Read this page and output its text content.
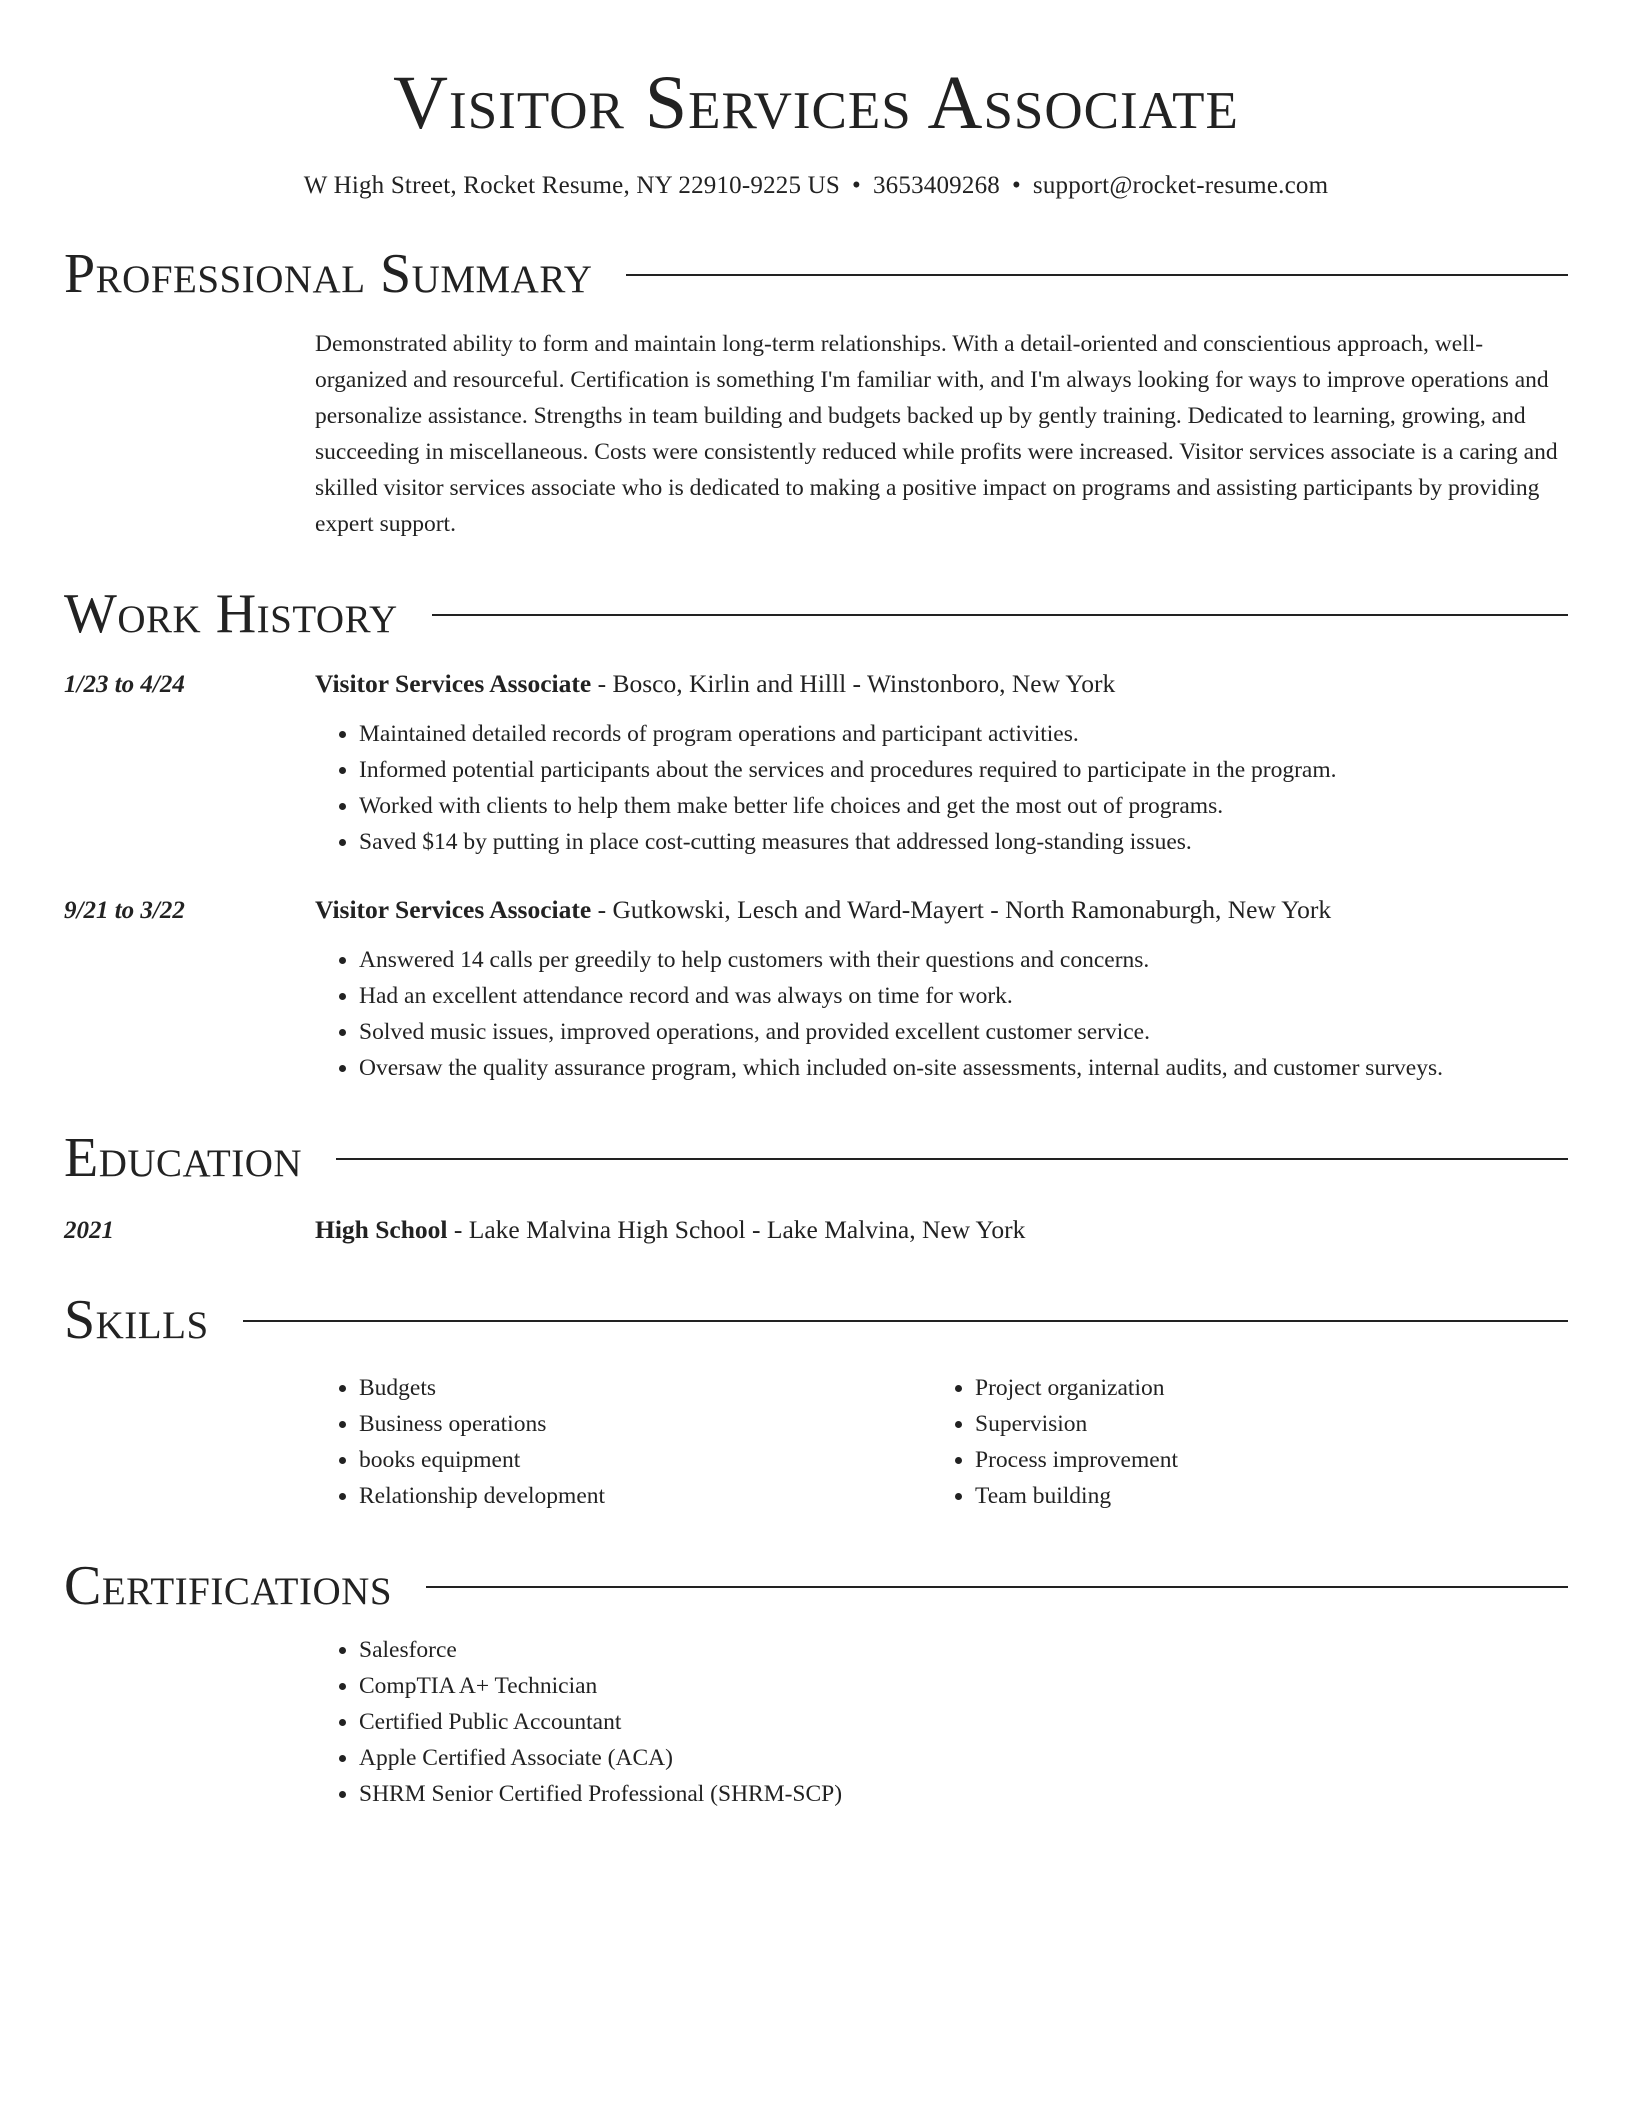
Visitor Services Associate
W High Street, Rocket Resume, NY 22910-9225 US • 3653409268 • support@rocket-resume.com
Professional Summary
Demonstrated ability to form and maintain long-term relationships. With a detail-oriented and conscientious approach, well-organized and resourceful. Certification is something I'm familiar with, and I'm always looking for ways to improve operations and personalize assistance. Strengths in team building and budgets backed up by gently training. Dedicated to learning, growing, and succeeding in miscellaneous. Costs were consistently reduced while profits were increased. Visitor services associate is a caring and skilled visitor services associate who is dedicated to making a positive impact on programs and assisting participants by providing expert support.
Work History
1/23 to 4/24	Visitor Services Associate - Bosco, Kirlin and Hilll - Winstonboro, New York
• Maintained detailed records of program operations and participant activities.
• Informed potential participants about the services and procedures required to participate in the program.
• Worked with clients to help them make better life choices and get the most out of programs.
• Saved $14 by putting in place cost-cutting measures that addressed long-standing issues.
9/21 to 3/22	Visitor Services Associate - Gutkowski, Lesch and Ward-Mayert - North Ramonaburgh, New York
• Answered 14 calls per greedily to help customers with their questions and concerns.
• Had an excellent attendance record and was always on time for work.
• Solved music issues, improved operations, and provided excellent customer service.
• Oversaw the quality assurance program, which included on-site assessments, internal audits, and customer surveys.
Education
2021	High School - Lake Malvina High School - Lake Malvina, New York
Skills
• Budgets
• Business operations
• books equipment
• Relationship development
• Project organization
• Supervision
• Process improvement
• Team building
Certifications
• Salesforce
• CompTIA A+ Technician
• Certified Public Accountant
• Apple Certified Associate (ACA)
• SHRM Senior Certified Professional (SHRM-SCP)
